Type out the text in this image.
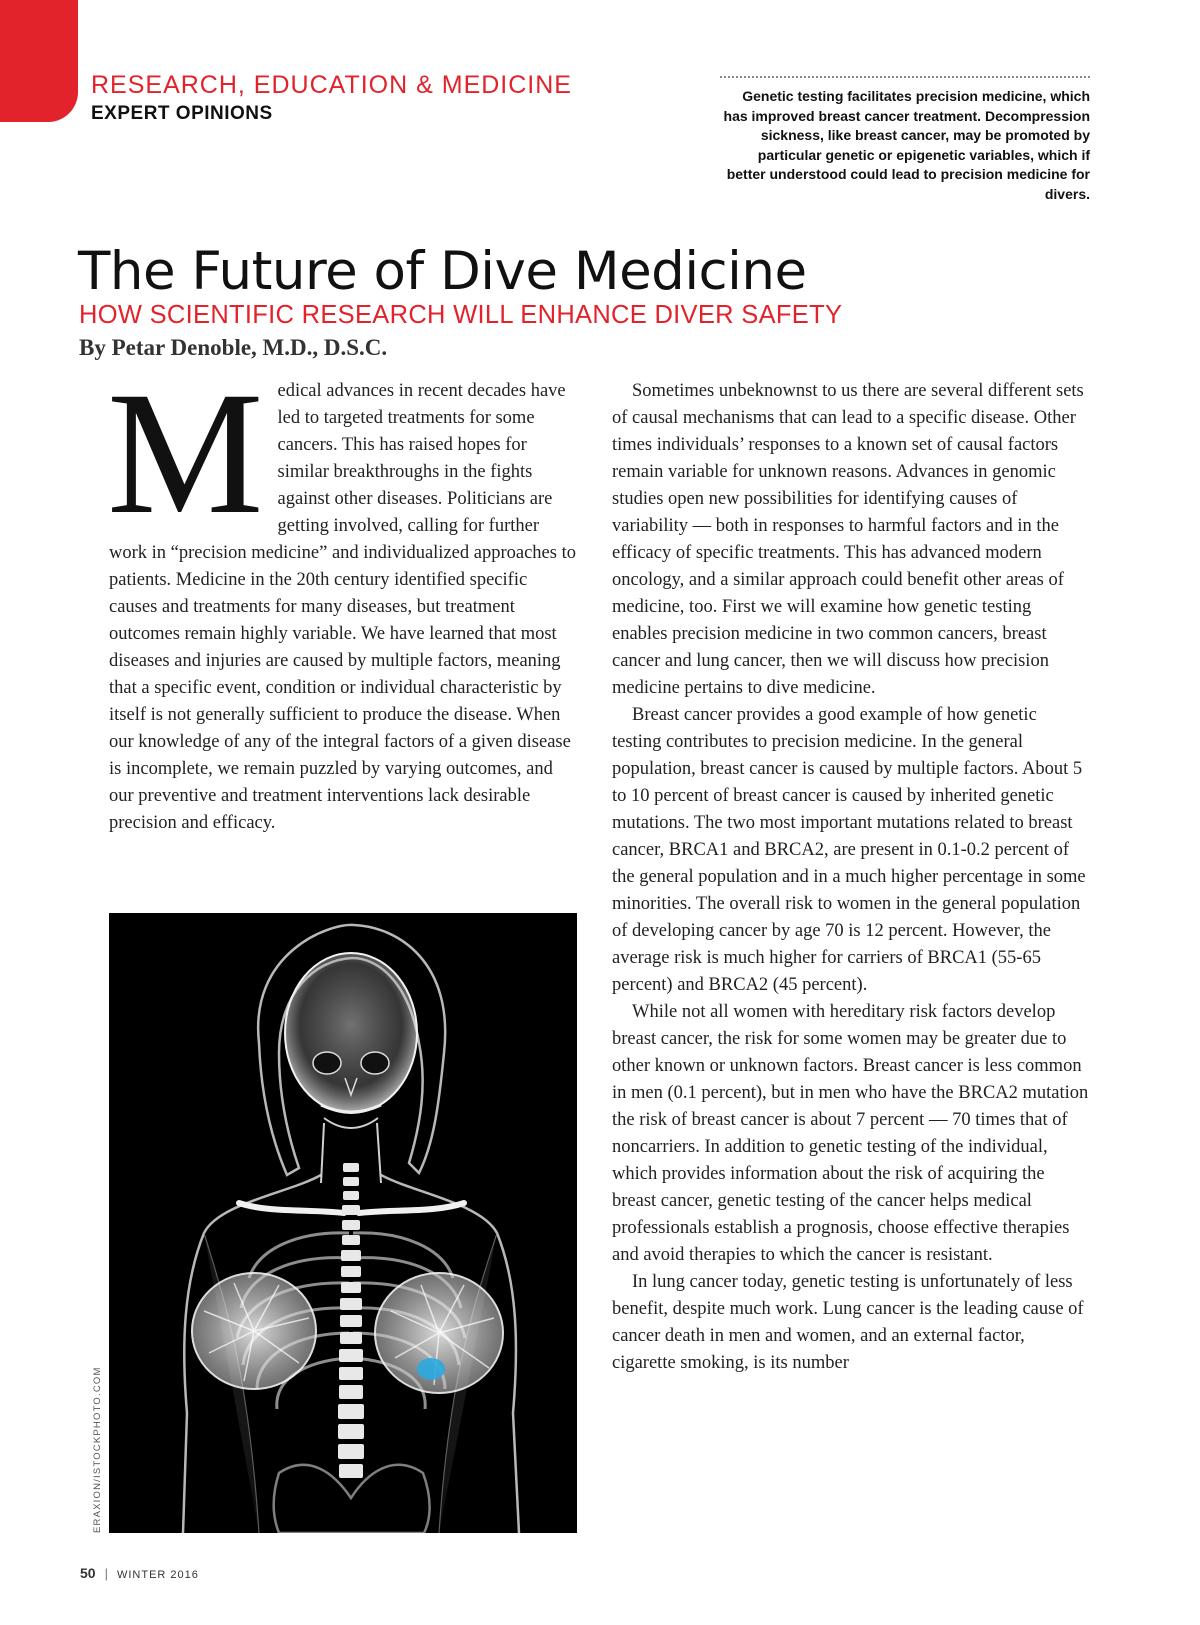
RESEARCH, EDUCATION & MEDICINE
EXPERT OPINIONS
Genetic testing facilitates precision medicine, which has improved breast cancer treatment. Decompression sickness, like breast cancer, may be promoted by particular genetic or epigenetic variables, which if better understood could lead to precision medicine for divers.
The Future of Dive Medicine
HOW SCIENTIFIC RESEARCH WILL ENHANCE DIVER SAFETY
By Petar Denoble, M.D., D.S.C.
M edical advances in recent decades have led to targeted treatments for some cancers. This has raised hopes for similar breakthroughs in the fights against other diseases. Politicians are getting involved, calling for further work in “precision medicine” and individualized approaches to patients. Medicine in the 20th century identified specific causes and treatments for many diseases, but treatment outcomes remain highly variable. We have learned that most diseases and injuries are caused by multiple factors, meaning that a specific event, condition or individual characteristic by itself is not generally sufficient to produce the disease. When our knowledge of any of the integral factors of a given disease is incomplete, we remain puzzled by varying outcomes, and our preventive and treatment interventions lack desirable precision and efficacy.

Sometimes unbeknownst to us there are several different sets of causal mechanisms that can lead to a specific disease. Other times individuals’ responses to a known set of causal factors remain variable for unknown reasons. Advances in genomic studies open new possibilities for identifying causes of variability — both in responses to harmful factors and in the efficacy of specific treatments. This has advanced modern oncology, and a similar approach could benefit other areas of medicine, too. First we will examine how genetic testing enables precision medicine in two common cancers, breast cancer and lung cancer, then we will discuss how precision medicine pertains to dive medicine.

Breast cancer provides a good example of how genetic testing contributes to precision medicine. In the general population, breast cancer is caused by multiple factors. About 5 to 10 percent of breast cancer is caused by inherited genetic mutations. The two most important mutations related to breast cancer, BRCA1 and BRCA2, are present in 0.1-0.2 percent of the general population and in a much higher percentage in some minorities. The overall risk to women in the general population of developing cancer by age 70 is 12 percent. However, the average risk is much higher for carriers of BRCA1 (55-65 percent) and BRCA2 (45 percent).

While not all women with hereditary risk factors develop breast cancer, the risk for some women may be greater due to other known or unknown factors. Breast cancer is less common in men (0.1 percent), but in men who have the BRCA2 mutation the risk of breast cancer is about 7 percent — 70 times that of noncarriers. In addition to genetic testing of the individual, which provides information about the risk of acquiring the breast cancer, genetic testing of the cancer helps medical professionals establish a prognosis, choose effective therapies and avoid therapies to which the cancer is resistant.

In lung cancer today, genetic testing is unfortunately of less benefit, despite much work. Lung cancer is the leading cause of cancer death in men and women, and an external factor, cigarette smoking, is its number

ERAXION/ISTOCKPHOTO.COM
50 | WINTER 2016
